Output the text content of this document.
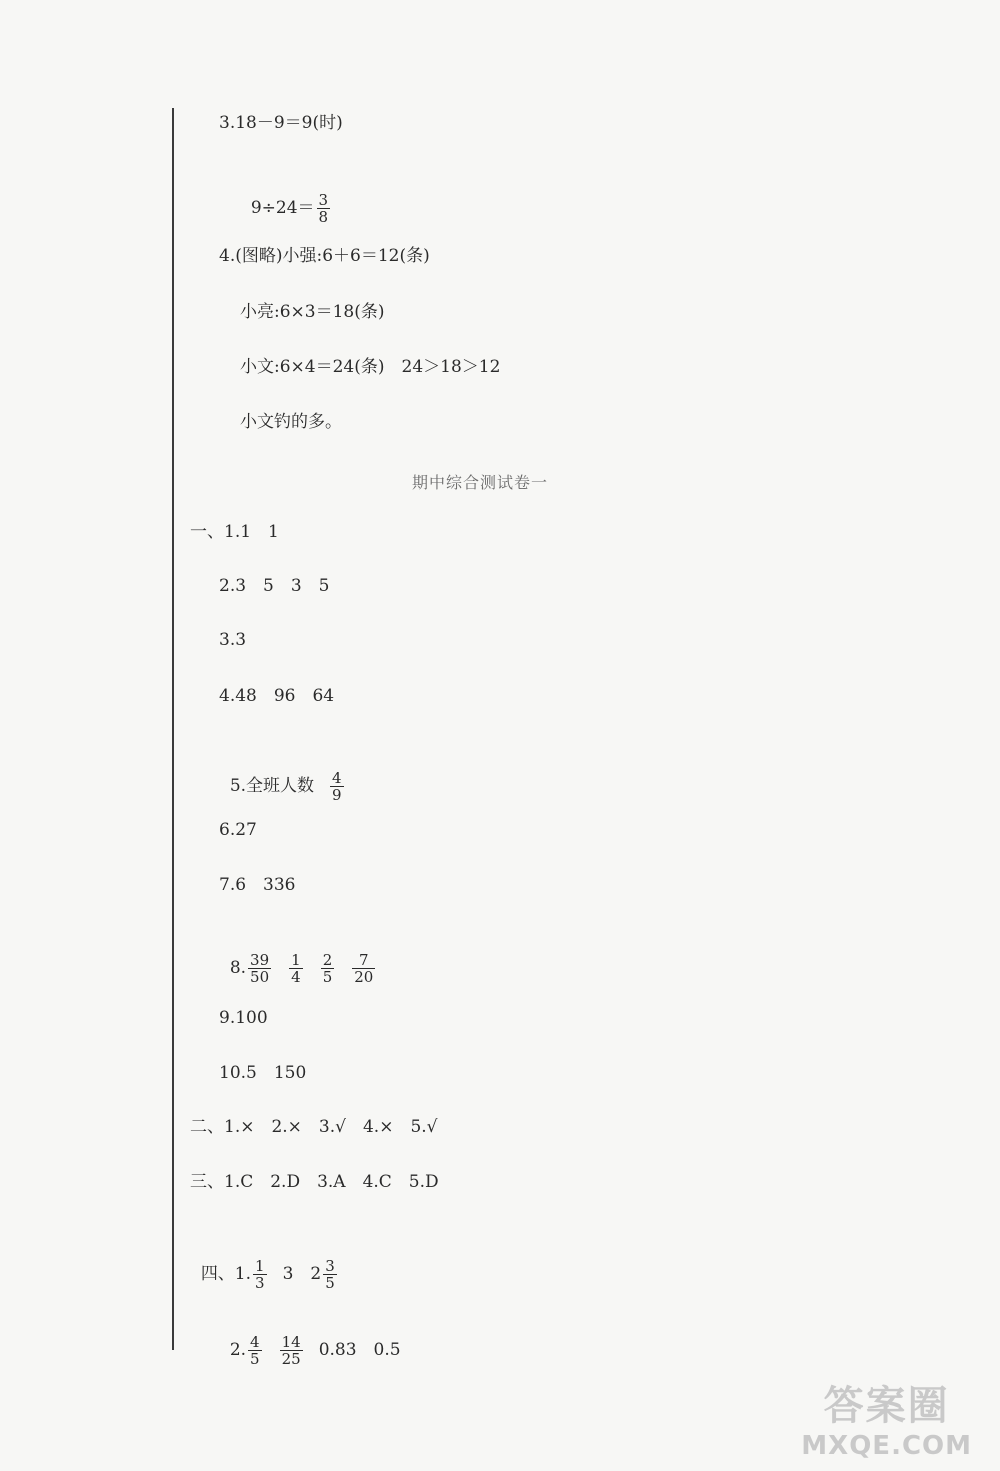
3.18－9＝9(时)

$9\div 24= \frac{3}{8}$

4.(图略)小强:6＋6＝12(条)
小亮:6×3＝18(条)
小文:6×4＝24(条)　24＞18＞12
小文钓的多。
期中综合测试卷一
一、1.1　1
2.3　5　3　5
3.3
4.48　96　64

5.全班人数 $\frac{4}{9}$

6.27
7.6　336

8. $\frac{39}{50} \frac{1}{4} \frac{2}{5} \frac{7}{20}$

9.100
10.5　150
二、1.×　2.×　3.√　4.×　5.√
三、1.C　2.D　3.A　4.C　5.D

四、1. $\frac{1}{3} 3$　$2 \frac{3}{5}$

2. $\frac{4}{5} \frac{14}{25} 0.83$　0.5

答案圈
MXQE.COM
